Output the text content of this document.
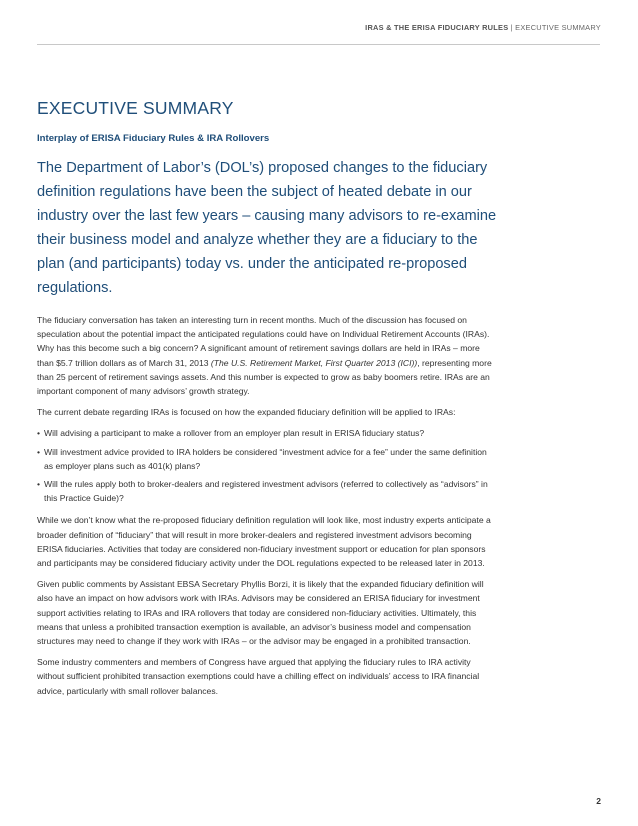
IRAS & THE ERISA FIDUCIARY RULES | EXECUTIVE SUMMARY
EXECUTIVE SUMMARY
Interplay of ERISA Fiduciary Rules & IRA Rollovers

The Department of Labor’s (DOL’s) proposed changes to the fiduciary definition regulations have been the subject of heated debate in our industry over the last few years – causing many advisors to re-examine their business model and analyze whether they are a fiduciary to the plan (and participants) today vs. under the anticipated re-proposed regulations.

The fiduciary conversation has taken an interesting turn in recent months. Much of the discussion has focused on speculation about the potential impact the anticipated regulations could have on Individual Retirement Accounts (IRAs). Why has this become such a big concern? A significant amount of retirement savings dollars are held in IRAs – more than $5.7 trillion dollars as of March 31, 2013 (The U.S. Retirement Market, First Quarter 2013 (ICI)), representing more than 25 percent of retirement savings assets. And this number is expected to grow as baby boomers retire. IRAs are an important component of many advisors’ growth strategy.

The current debate regarding IRAs is focused on how the expanded fiduciary definition will be applied to IRAs:

• Will advising a participant to make a rollover from an employer plan result in ERISA fiduciary status?
• Will investment advice provided to IRA holders be considered “investment advice for a fee” under the same definition as employer plans such as 401(k) plans?
• Will the rules apply both to broker-dealers and registered investment advisors (referred to collectively as “advisors” in this Practice Guide)?

While we don’t know what the re-proposed fiduciary definition regulation will look like, most industry experts anticipate a broader definition of “fiduciary” that will result in more broker-dealers and registered investment advisors becoming ERISA fiduciaries. Activities that today are considered non-fiduciary investment support or education for plan sponsors and participants may be considered fiduciary activity under the DOL regulations expected to be released later in 2013.

Given public comments by Assistant EBSA Secretary Phyllis Borzi, it is likely that the expanded fiduciary definition will also have an impact on how advisors work with IRAs. Advisors may be considered an ERISA fiduciary for investment support activities relating to IRAs and IRA rollovers that today are considered non-fiduciary activities. Ultimately, this means that unless a prohibited transaction exemption is available, an advisor’s business model and compensation structures may need to change if they work with IRAs – or the advisor may be engaged in a prohibited transaction.

Some industry commenters and members of Congress have argued that applying the fiduciary rules to IRA activity without sufficient prohibited transaction exemptions could have a chilling effect on individuals’ access to IRA financial advice, particularly with small rollover balances.

2
